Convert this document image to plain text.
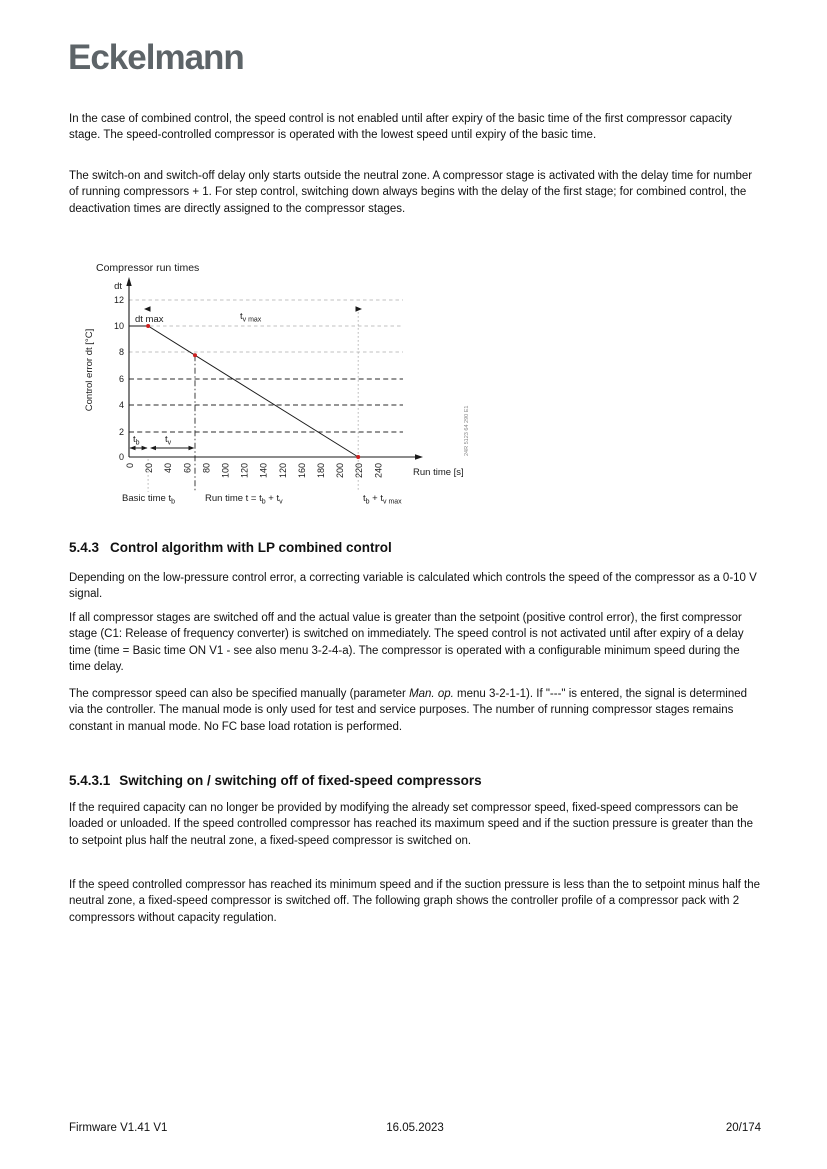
Eckelmann
In the case of combined control, the speed control is not enabled until after expiry of the basic time of the first compressor capacity stage. The speed-controlled compressor is operated with the lowest speed until expiry of the basic time.
The switch-on and switch-off delay only starts outside the neutral zone. A compressor stage is activated with the delay time for number of running compressors + 1. For step control, switching down always begins with the delay of the first stage; for combined control, the deactivation times are directly assigned to the compressor stages.
Compressor run times
dt
12
10
8
6
4
2
0
0 20 40 60 80 100 120 140 120 160 180 200 220 240	Run time [s]
Control error dt [°C]
dt max	$t_{v max}$
$t_b$	$t_v$
Basic time $t_b$	Run time $t = t_b + t_v$	$t_b + t_{v max}$
24R 5123 64 290 E1
5.4.3 Control algorithm with LP combined control
Depending on the low-pressure control error, a correcting variable is calculated which controls the speed of the compressor as a 0-10 V signal.
If all compressor stages are switched off and the actual value is greater than the setpoint (positive control error), the first compressor stage (C1: Release of frequency converter) is switched on immediately. The speed control is not activated until after expiry of a delay time (time = Basic time ON V1 - see also menu 3-2-4-a). The compressor is operated with a configurable minimum speed during the time delay.
The compressor speed can also be specified manually (parameter Man. op. menu 3-2-1-1). If "---" is entered, the signal is determined via the controller. The manual mode is only used for test and service purposes. The number of running compressor stages remains constant in manual mode. No FC base load rotation is performed.
5.4.3.1 Switching on / switching off of fixed-speed compressors
If the required capacity can no longer be provided by modifying the already set compressor speed, fixed-speed compressors can be loaded or unloaded. If the speed controlled compressor has reached its maximum speed and if the suction pressure is greater than the to setpoint plus half the neutral zone, a fixed-speed compressor is switched on.
If the speed controlled compressor has reached its minimum speed and if the suction pressure is less than the to setpoint minus half the neutral zone, a fixed-speed compressor is switched off. The following graph shows the controller profile of a compressor pack with 2 compressors without capacity regulation.
Firmware V1.41 V1	16.05.2023	20/174
